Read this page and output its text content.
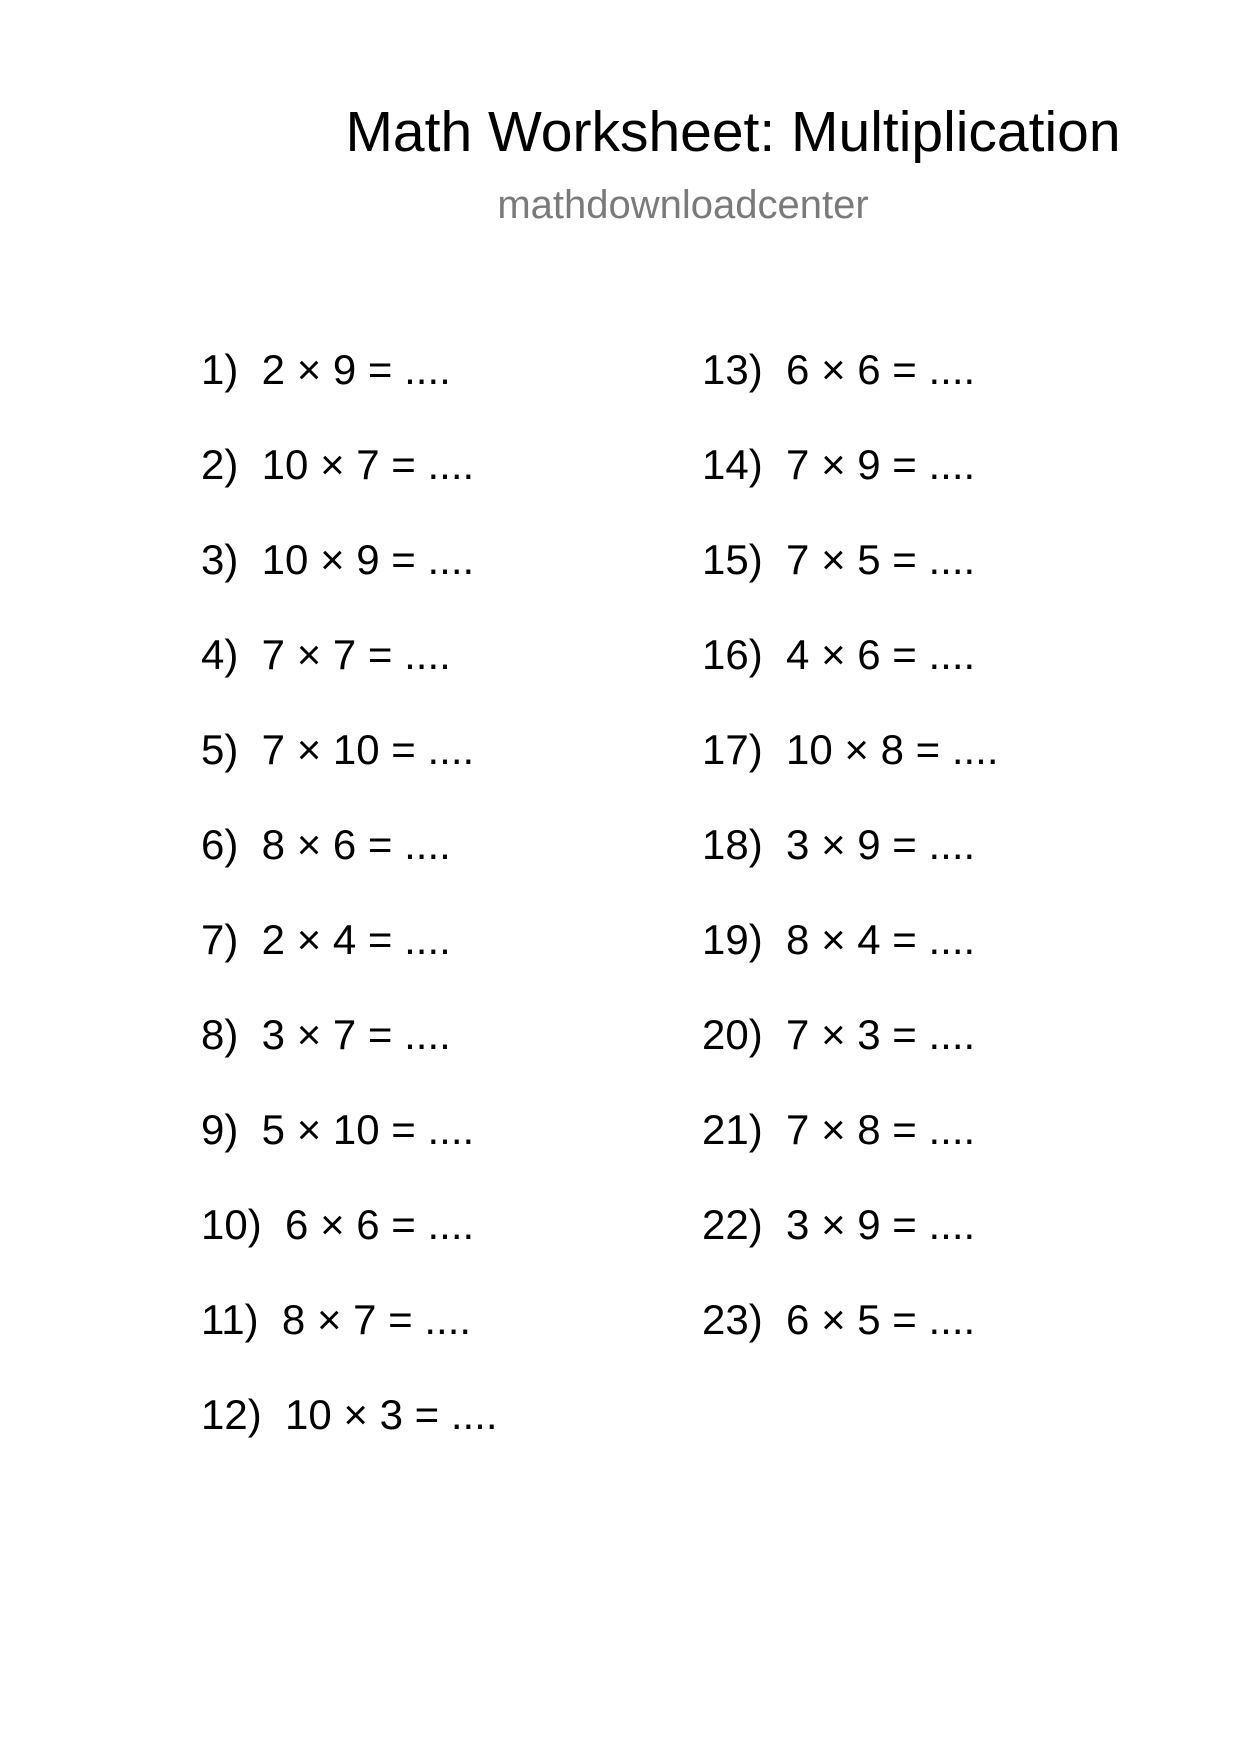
Math Worksheet: Multiplication
mathdownloadcenter
1)  2 × 9 = ....
2)  10 × 7 = ....
3)  10 × 9 = ....
4)  7 × 7 = ....
5)  7 × 10 = ....
6)  8 × 6 = ....
7)  2 × 4 = ....
8)  3 × 7 = ....
9)  5 × 10 = ....
10)  6 × 6 = ....
11)  8 × 7 = ....
12)  10 × 3 = ....
13)  6 × 6 = ....
14)  7 × 9 = ....
15)  7 × 5 = ....
16)  4 × 6 = ....
17)  10 × 8 = ....
18)  3 × 9 = ....
19)  8 × 4 = ....
20)  7 × 3 = ....
21)  7 × 8 = ....
22)  3 × 9 = ....
23)  6 × 5 = ....
